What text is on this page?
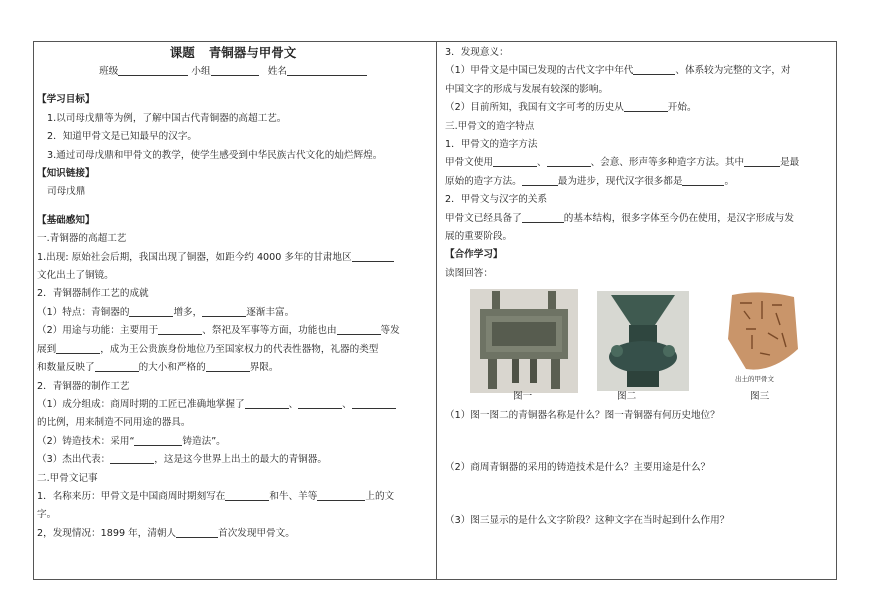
课题 青铜器与甲骨文
班级	小组	姓名
【学习目标】
1.以司母戊鼎等为例，了解中国古代青铜器的高超工艺。
2．知道甲骨文是已知最早的汉字。
3.通过司母戊鼎和甲骨文的教学，使学生感受到中华民族古代文化的灿烂辉煌。
【知识链接】
司母戊鼎
【基础感知】
一.青铜器的高超工艺
1.出现: 原始社会后期，我国出现了铜器，如距今约 4000 多年的甘肃地区
文化出土了铜镜。
2．青铜器制作工艺的成就
（1）特点：青铜器的	增多，	逐渐丰富。
（2）用途与功能：主要用于	、祭祀及军事等方面，功能也由	等发
展到	，成为王公贵族身份地位乃至国家权力的代表性器物，礼器的类型
和数量反映了	的大小和严格的	界限。
2．青铜器的制作工艺
（1）成分组成：商周时期的工匠已准确地掌握了	、	、
的比例，用来制造不同用途的器具。
（2）铸造技术：采用“	铸造法”。
（3）杰出代表：	，这是这今世界上出土的最大的青铜器。
二.甲骨文记事
1．名称来历：甲骨文是中国商周时期刻写在	和牛、羊等	上的文
字。
2，发现情况：1899 年，清朝人	首次发现甲骨文。
3．发现意义：
（1）甲骨文是中国已发现的古代文字中年代	、体系较为完整的文字，对
中国文字的形成与发展有较深的影响。
（2）目前所知，我国有文字可考的历史从	开始。
三.甲骨文的造字特点
1．甲骨文的造字方法
甲骨文使用	、	、会意、形声等多种造字方法。其中	是最
原始的造字方法。	最为进步，现代汉字很多都是	。
2．甲骨文与汉字的关系
甲骨文已经具备了	的基本结构，很多字体至今仍在使用，是汉字形成与发
展的重要阶段。
【合作学习】
读图回答：
出土的甲骨文
图一	图二	图三
（1）图一图二的青铜器名称是什么？图一青铜器有何历史地位？
（2）商周青铜器的采用的铸造技术是什么？主要用途是什么？
（3）图三显示的是什么文字阶段？这种文字在当时起到什么作用？
